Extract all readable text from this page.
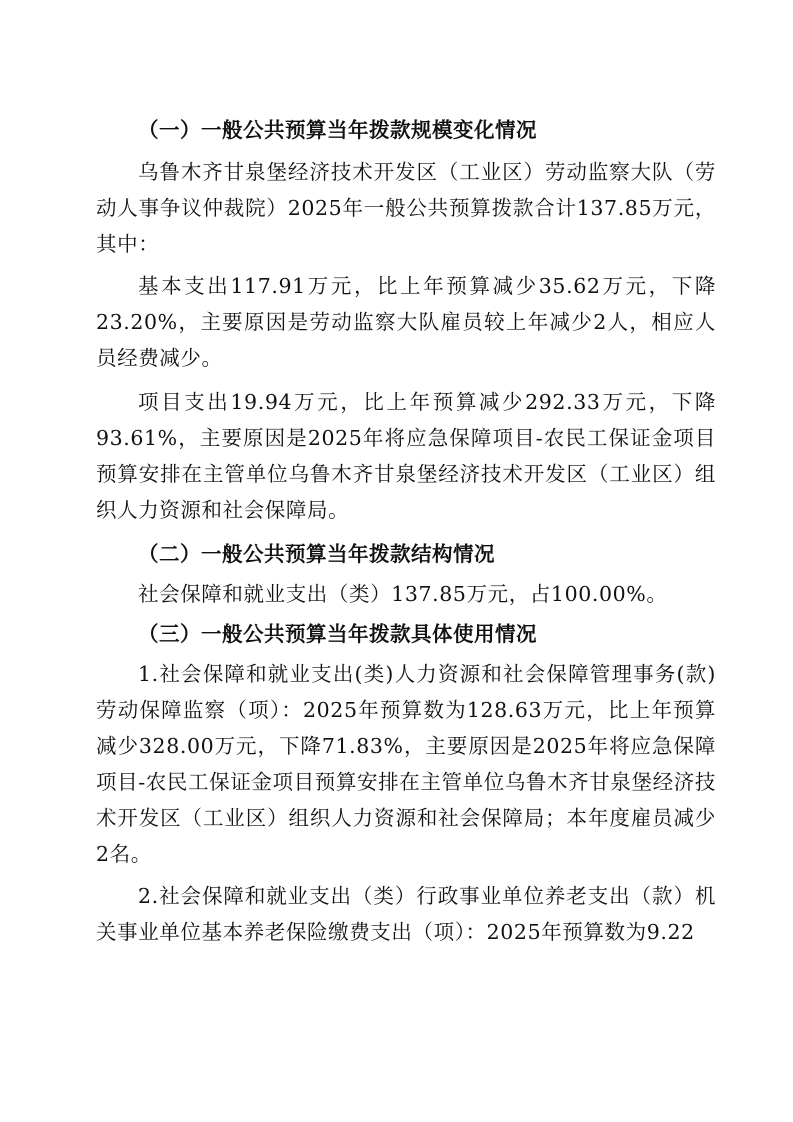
（一）一般公共预算当年拨款规模变化情况

乌鲁木齐甘泉堡经济技术开发区（工业区）劳动监察大队（劳动人事争议仲裁院）2025年一般公共预算拨款合计137.85万元，其中：

基本支出117.91万元，比上年预算减少35.62万元，下降23.20%，主要原因是劳动监察大队雇员较上年减少2人，相应人员经费减少。

项目支出19.94万元，比上年预算减少292.33万元，下降93.61%，主要原因是2025年将应急保障项目-农民工保证金项目预算安排在主管单位乌鲁木齐甘泉堡经济技术开发区（工业区）组织人力资源和社会保障局。

（二）一般公共预算当年拨款结构情况

社会保障和就业支出（类）137.85万元，占100.00%。

（三）一般公共预算当年拨款具体使用情况

1.社会保障和就业支出(类)人力资源和社会保障管理事务(款)劳动保障监察（项）：2025年预算数为128.63万元，比上年预算减少328.00万元，下降71.83%，主要原因是2025年将应急保障项目-农民工保证金项目预算安排在主管单位乌鲁木齐甘泉堡经济技术开发区（工业区）组织人力资源和社会保障局；本年度雇员减少2名。

2.社会保障和就业支出（类）行政事业单位养老支出（款）机关事业单位基本养老保险缴费支出（项）：2025年预算数为9.22
